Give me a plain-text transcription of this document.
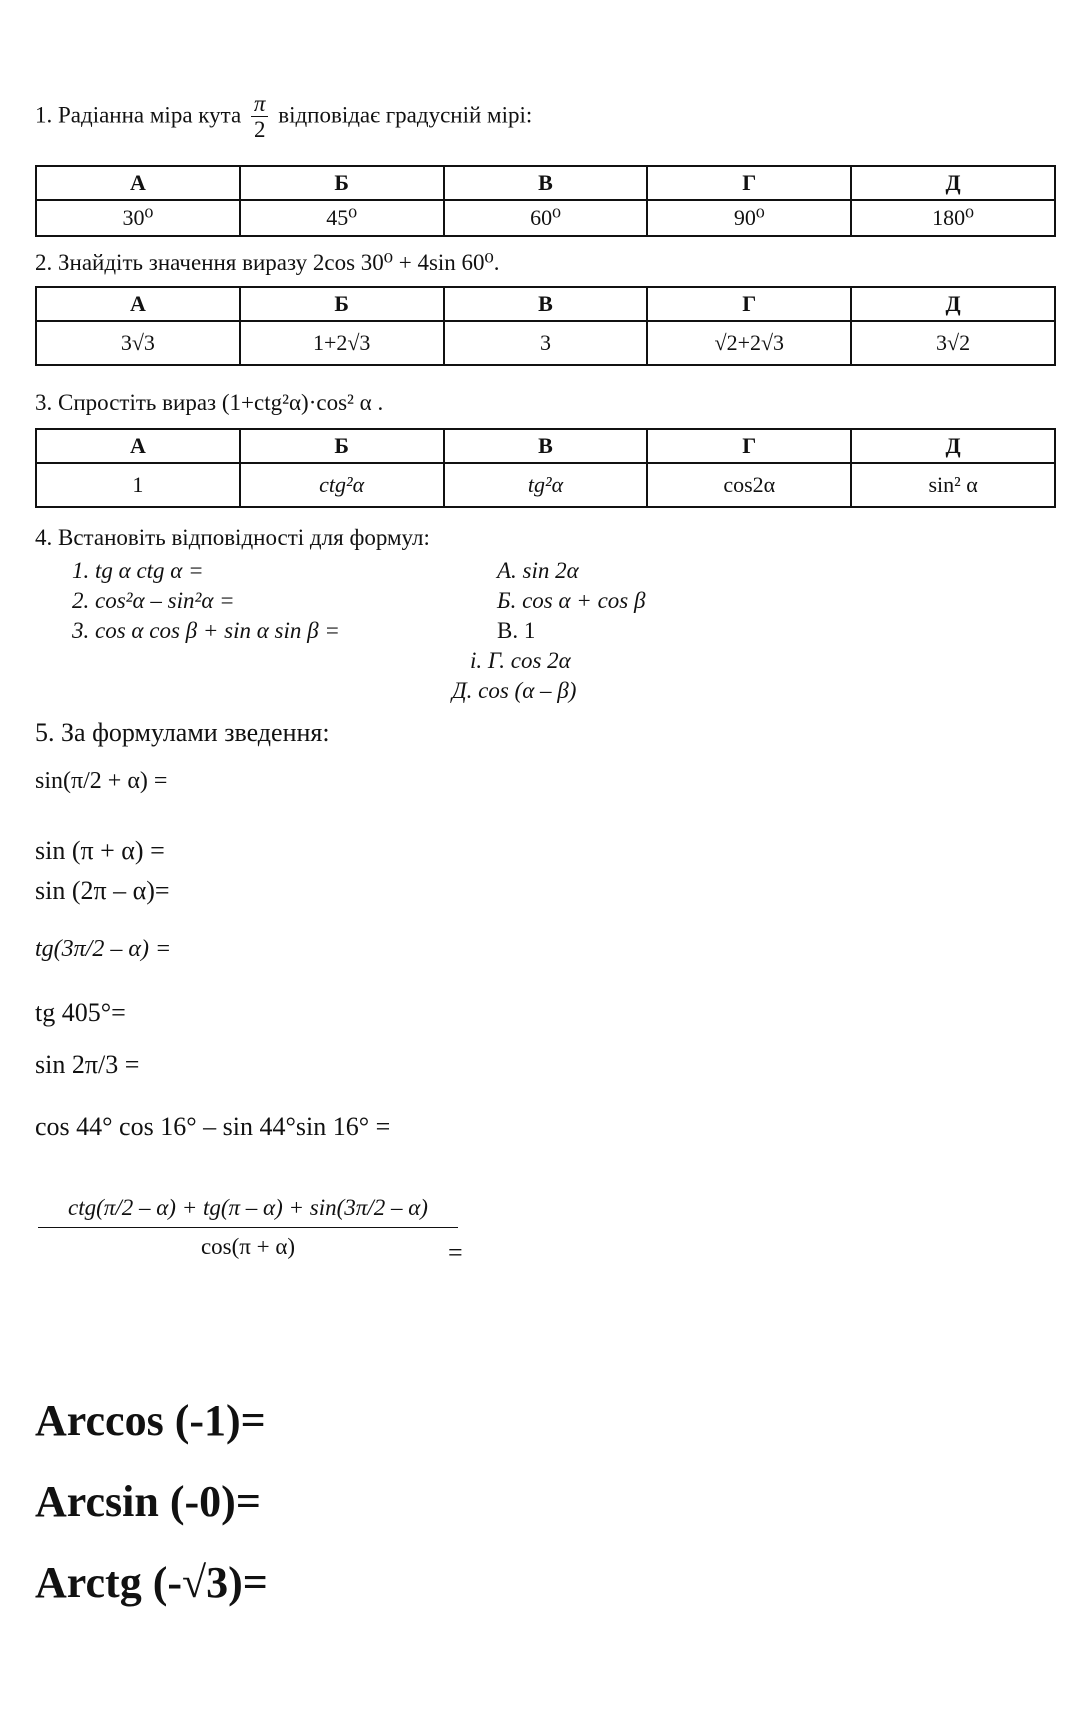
1. Радіанна міра кута $\frac{\pi}{2}$ відповідає градусній мірі:
А	Б	В	Г	Д
30⁰	45⁰	60⁰	90⁰	180⁰
2. Знайдіть значення виразу 2cos 30⁰ + 4sin 60⁰.
А	Б	В	Г	Д
3√3	1+2√3	3	√2+2√3	3√2
3. Спростіть вираз (1+ctg²α)·cos² α .
А	Б	В	Г	Д
1	ctg²α	tg²α	cos2α	sin² α
4. Встановіть відповідності для формул:
1. tg α ctg α =
2. cos²α – sin²α =
3. cos α cos β + sin α sin β =
А. sin 2α
Б. cos α + cos β
В. 1
i. Г. cos 2α
Д. cos (α – β)
5. За формулами зведення:
sin(π/2 + α) =
sin (π + α) =
sin (2π – α)=
tg(3π/2 – α) =
tg 405°=
sin 2π/3 =
cos 44° cos 16° – sin 44°sin 16° =
ctg(π/2 – α) + tg(π – α) + sin(3π/2 – α)
cos(π + α)	=
Arccos (-1)=
Arcsin (-0)=
Arctg (-√3)=
